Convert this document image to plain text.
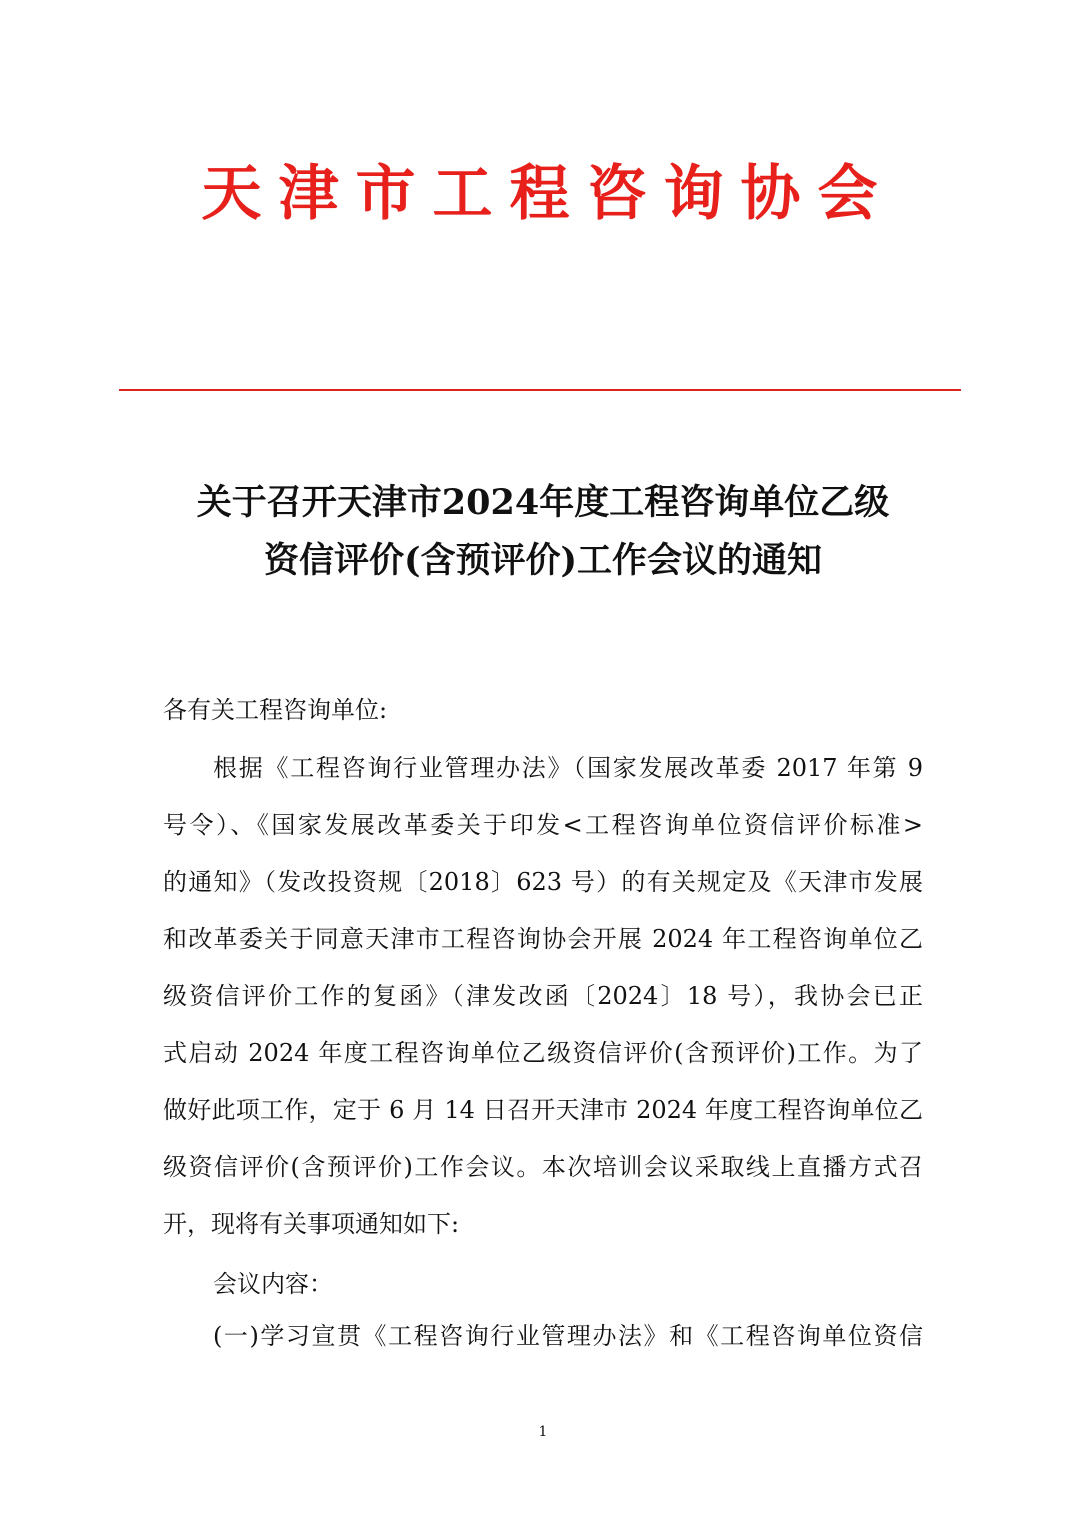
天津市工程咨询协会
关于召开天津市2024年度工程咨询单位乙级
资信评价(含预评价)工作会议的通知
各有关工程咨询单位:
根据《工程咨询行业管理办法》（国家发展改革委 2017 年第 9
号令）、《国家发展改革委关于印发<工程咨询单位资信评价标准>
的通知》（发改投资规〔2018〕623 号）的有关规定及《天津市发展
和改革委关于同意天津市工程咨询协会开展 2024 年工程咨询单位乙
级资信评价工作的复函》（津发改函〔2024〕18 号），我协会已正
式启动 2024 年度工程咨询单位乙级资信评价(含预评价)工作。为了
做好此项工作，定于 6 月 14 日召开天津市 2024 年度工程咨询单位乙
级资信评价(含预评价)工作会议。本次培训会议采取线上直播方式召
开，现将有关事项通知如下:
会议内容：
(一)学习宣贯《工程咨询行业管理办法》和《工程咨询单位资信
1
